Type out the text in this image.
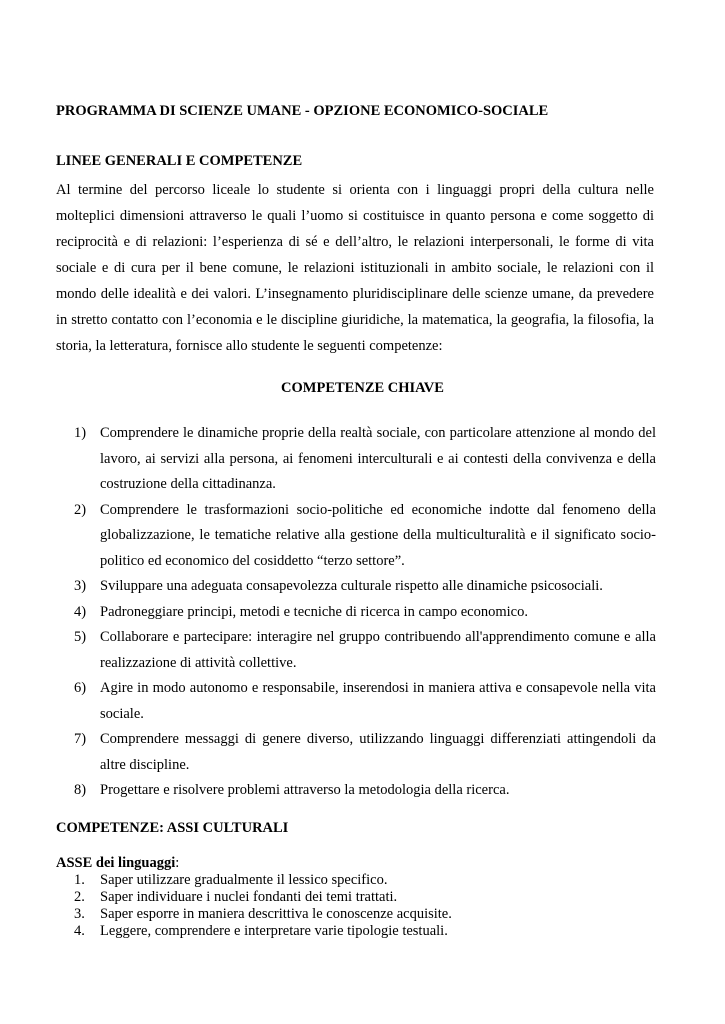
PROGRAMMA DI SCIENZE UMANE - OPZIONE ECONOMICO-SOCIALE
LINEE GENERALI E COMPETENZE

Al termine del percorso liceale lo studente si orienta con i linguaggi propri della cultura nelle molteplici dimensioni attraverso le quali l’uomo si costituisce in quanto persona e come soggetto di reciprocità e di relazioni: l’esperienza di sé e dell’altro, le relazioni interpersonali, le forme di vita sociale e di cura per il bene comune, le relazioni istituzionali in ambito sociale, le relazioni con il mondo delle idealità e dei valori. L’insegnamento pluridisciplinare delle scienze umane, da prevedere in stretto contatto con l’economia e le discipline giuridiche, la matematica, la geografia, la filosofia, la storia, la letteratura, fornisce allo studente le seguenti competenze:

COMPETENZE CHIAVE
1) Comprendere le dinamiche proprie della realtà sociale, con particolare attenzione al mondo del lavoro, ai servizi alla persona, ai fenomeni interculturali e ai contesti della convivenza e della costruzione della cittadinanza.
2) Comprendere le trasformazioni socio-politiche ed economiche indotte dal fenomeno della globalizzazione, le tematiche relative alla gestione della multiculturalità e il significato socio-politico ed economico del cosiddetto “terzo settore”.
3) Sviluppare una adeguata consapevolezza culturale rispetto alle dinamiche psicosociali.
4) Padroneggiare principi, metodi e tecniche di ricerca in campo economico.
5) Collaborare e partecipare: interagire nel gruppo contribuendo all'apprendimento comune e alla realizzazione di attività collettive.
6) Agire in modo autonomo e responsabile, inserendosi in maniera attiva e consapevole nella vita sociale.
7) Comprendere messaggi di genere diverso, utilizzando linguaggi differenziati attingendoli da altre discipline.
8) Progettare e risolvere problemi attraverso la metodologia della ricerca.
COMPETENZE: ASSI CULTURALI
ASSE dei linguaggi:
1.	Saper utilizzare gradualmente il lessico specifico.
2.	Saper individuare i nuclei fondanti dei temi trattati.
3.	Saper esporre in maniera descrittiva le conoscenze acquisite.
4.	Leggere, comprendere e interpretare varie tipologie testuali.
